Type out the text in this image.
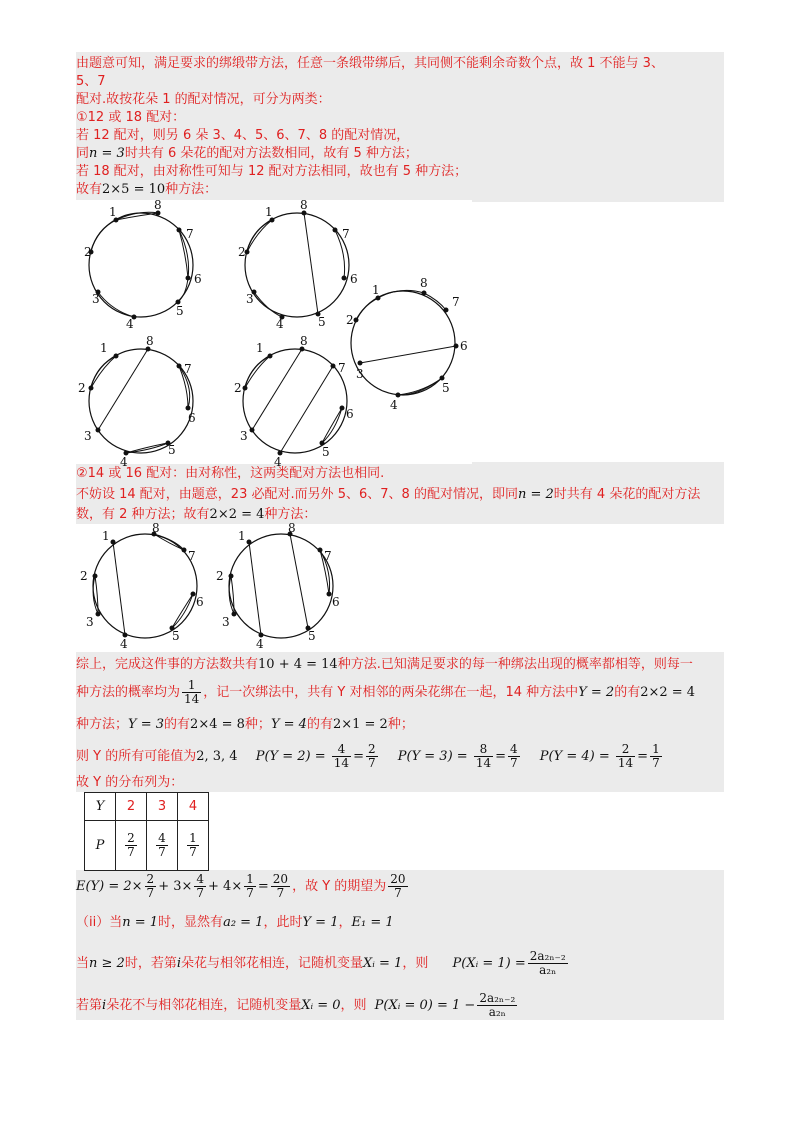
由题意可知，满足要求的绑缎带方法，任意一条缎带绑后，其同侧不能剩余奇数个点，故 1 不能与 3、
5、7
配对.故按花朵 1 的配对情况，可分为两类：
①12 或 18 配对：
若 12 配对，则另 6 朵 3、4、5、6、7、8 的配对情况，
同n = 3时共有 6 朵花的配对方法数相同，故有 5 种方法；
若 18 配对，由对称性可知与 12 配对方法相同，故也有 5 种方法；
故有2×5 = 10种方法：
1
2
3
4
5
6
7
8	1
2
3
4	5
6
7
8
1
2
3
4
5
6
7
8
1
2
3
4
5
6
7
8	1
2
3
4
5
6
7
8
②14 或 16 配对：由对称性，这两类配对方法也相同.
不妨设 14 配对，由题意，23 必配对.而另外 5、6、7、8 的配对情况，即同n = 2时共有 4 朵花的配对方法
数，有 2 种方法；故有2×2 = 4种方法：
1
2
3
4
5
6
7
8
1
2
3
4
5
6
7
8
综上，完成这件事的方法数共有10 + 4 = 14种方法.已知满足要求的每一种绑法出现的概率都相等，则每一
种方法的概率均为 $\frac{1}{14}$ ，记一次绑法中，共有 Y 对相邻的两朵花绑在一起，14 种方法中Y = 2的有2×2 = 4
种方法；Y = 3的有2×4 = 8种；Y = 4的有2×1 = 2种；
则 Y 的所有可能值为2, 3, 4 $P(Y = 2) = \frac{4}{14} = \frac{2}{7} P(Y = 3) = \frac{8}{14} = \frac{4}{7} P(Y = 4) = \frac{2}{14} = \frac{1}{7}$
故 Y 的分布列为：
Y	2	3	4
P	$\frac{2}{7}$	$\frac{4}{7}$	$\frac{1}{7}$
$E(Y) = 2\times \frac{2}{7} + 3\times \frac{4}{7} + 4\times \frac{1}{7} = \frac{20}{7}$ ，故 Y 的期望为 $\frac{20}{7}$
（ii）当n = 1时，显然有a₂ = 1，此时Y = 1，E₁ = 1
当n ≥ 2时，若第i朵花与相邻花相连，记随机变量Xᵢ = 1，则 P(Xᵢ = $1) = \frac{\text{2a₂ₙ₋₂}}{\text{a₂ₙ}}$
若第i朵花不与相邻花相连，记随机变量Xᵢ = 0，则 P(Xᵢ = $0) = 1 - \frac{\text{2a₂ₙ₋₂}}{\text{a₂ₙ}}$
